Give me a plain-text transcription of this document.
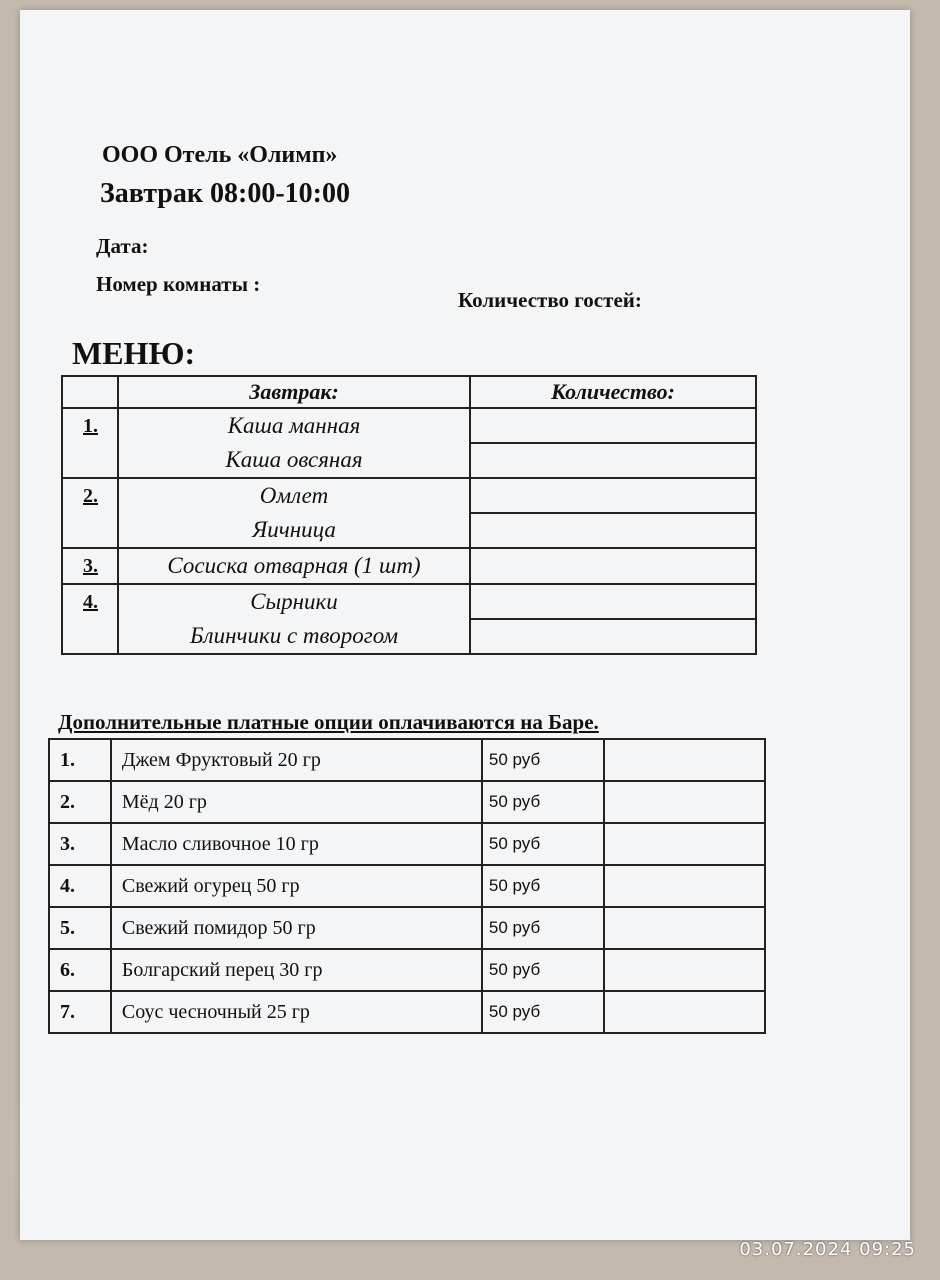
ООО Отель «Олимп»
Завтрак 08:00-10:00
Дата:
Номер комнаты :
Количество гостей:
МЕНЮ:
	Завтрак:	Количество:
1.	Каша манная
Каша овсяная	

2.	Омлет
Яичница	

3.	Сосиска отварная (1 шт)	

4.	Сырники
Блинчики с творогом	

Дополнительные платные опции оплачиваются на Баре.
1.	Джем Фруктовый 20 гр	50 руб	
2.	Мёд 20 гр	50 руб	
3.	Масло сливочное 10 гр	50 руб	
4.	Свежий огурец 50 гр	50 руб	
5.	Свежий помидор 50 гр	50 руб	
6.	Болгарский перец 30 гр	50 руб	
7.	Соус чесночный 25 гр	50 руб	
03.07.2024 09:25
